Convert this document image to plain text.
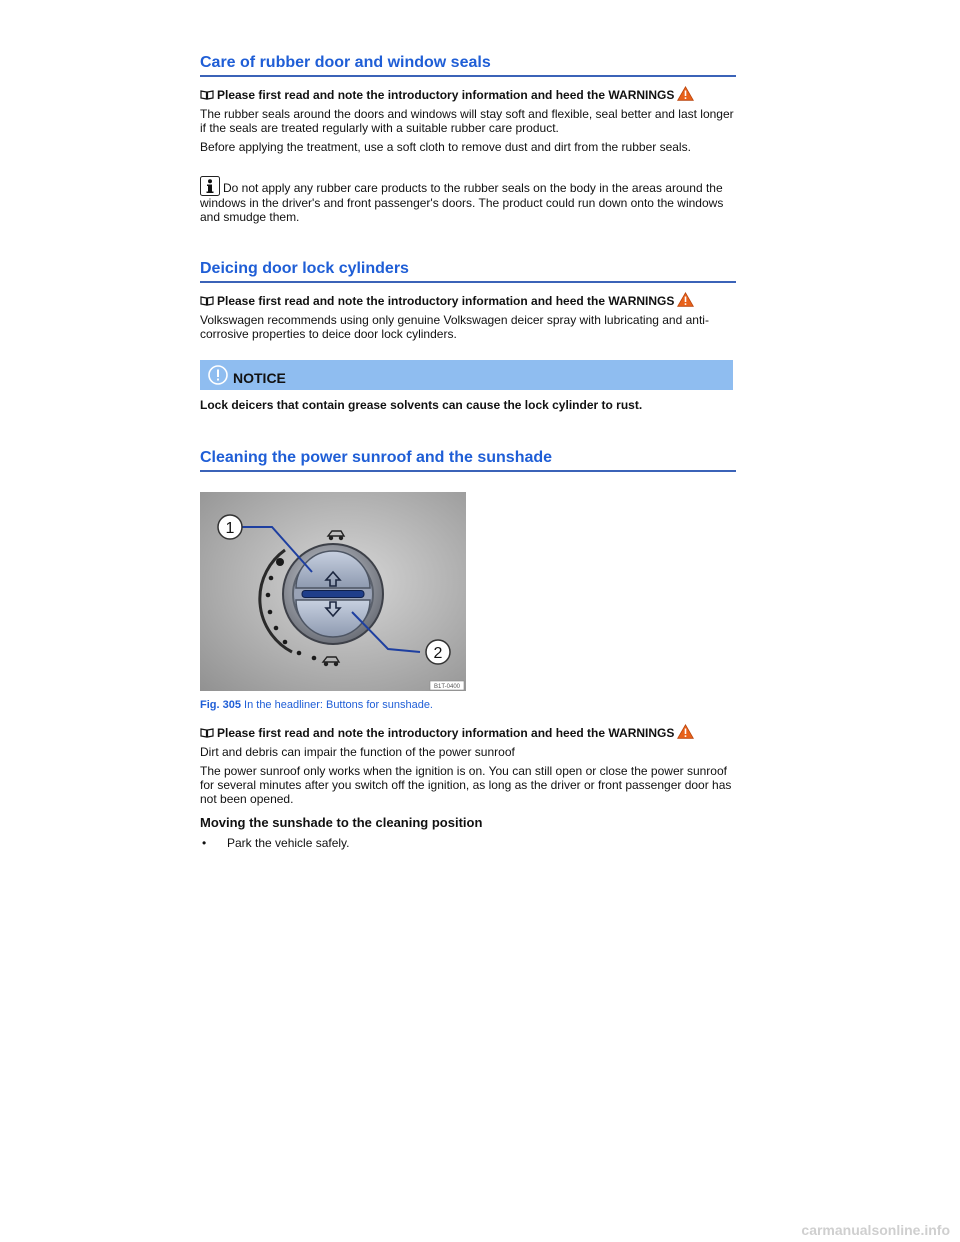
Care of rubber door and window seals
Please first read and note the introductory information and heed the WARNINGS

The rubber seals around the doors and windows will stay soft and flexible, seal better and last longer if the seals are treated regularly with a suitable rubber care product.

Before applying the treatment, use a soft cloth to remove dust and dirt from the rubber seals.

Do not apply any rubber care products to the rubber seals on the body in the areas around the windows in the driver's and front passenger's doors. The product could run down onto the windows and smudge them.

Deicing door lock cylinders
Please first read and note the introductory information and heed the WARNINGS

Volkswagen recommends using only genuine Volkswagen deicer spray with lubricating and anti-corrosive properties to deice door lock cylinders.

NOTICE

Lock deicers that contain grease solvents can cause the lock cylinder to rust.

Cleaning the power sunroof and the sunshade
1
2
B1T-0400
Fig. 305 In the headliner: Buttons for sunshade.
Please first read and note the introductory information and heed the WARNINGS

Dirt and debris can impair the function of the power sunroof

The power sunroof only works when the ignition is on. You can still open or close the power sunroof for several minutes after you switch off the ignition, as long as the driver or front passenger door has not been opened.

Moving the sunshade to the cleaning position
• Park the vehicle safely.
carmanualsonline.info
